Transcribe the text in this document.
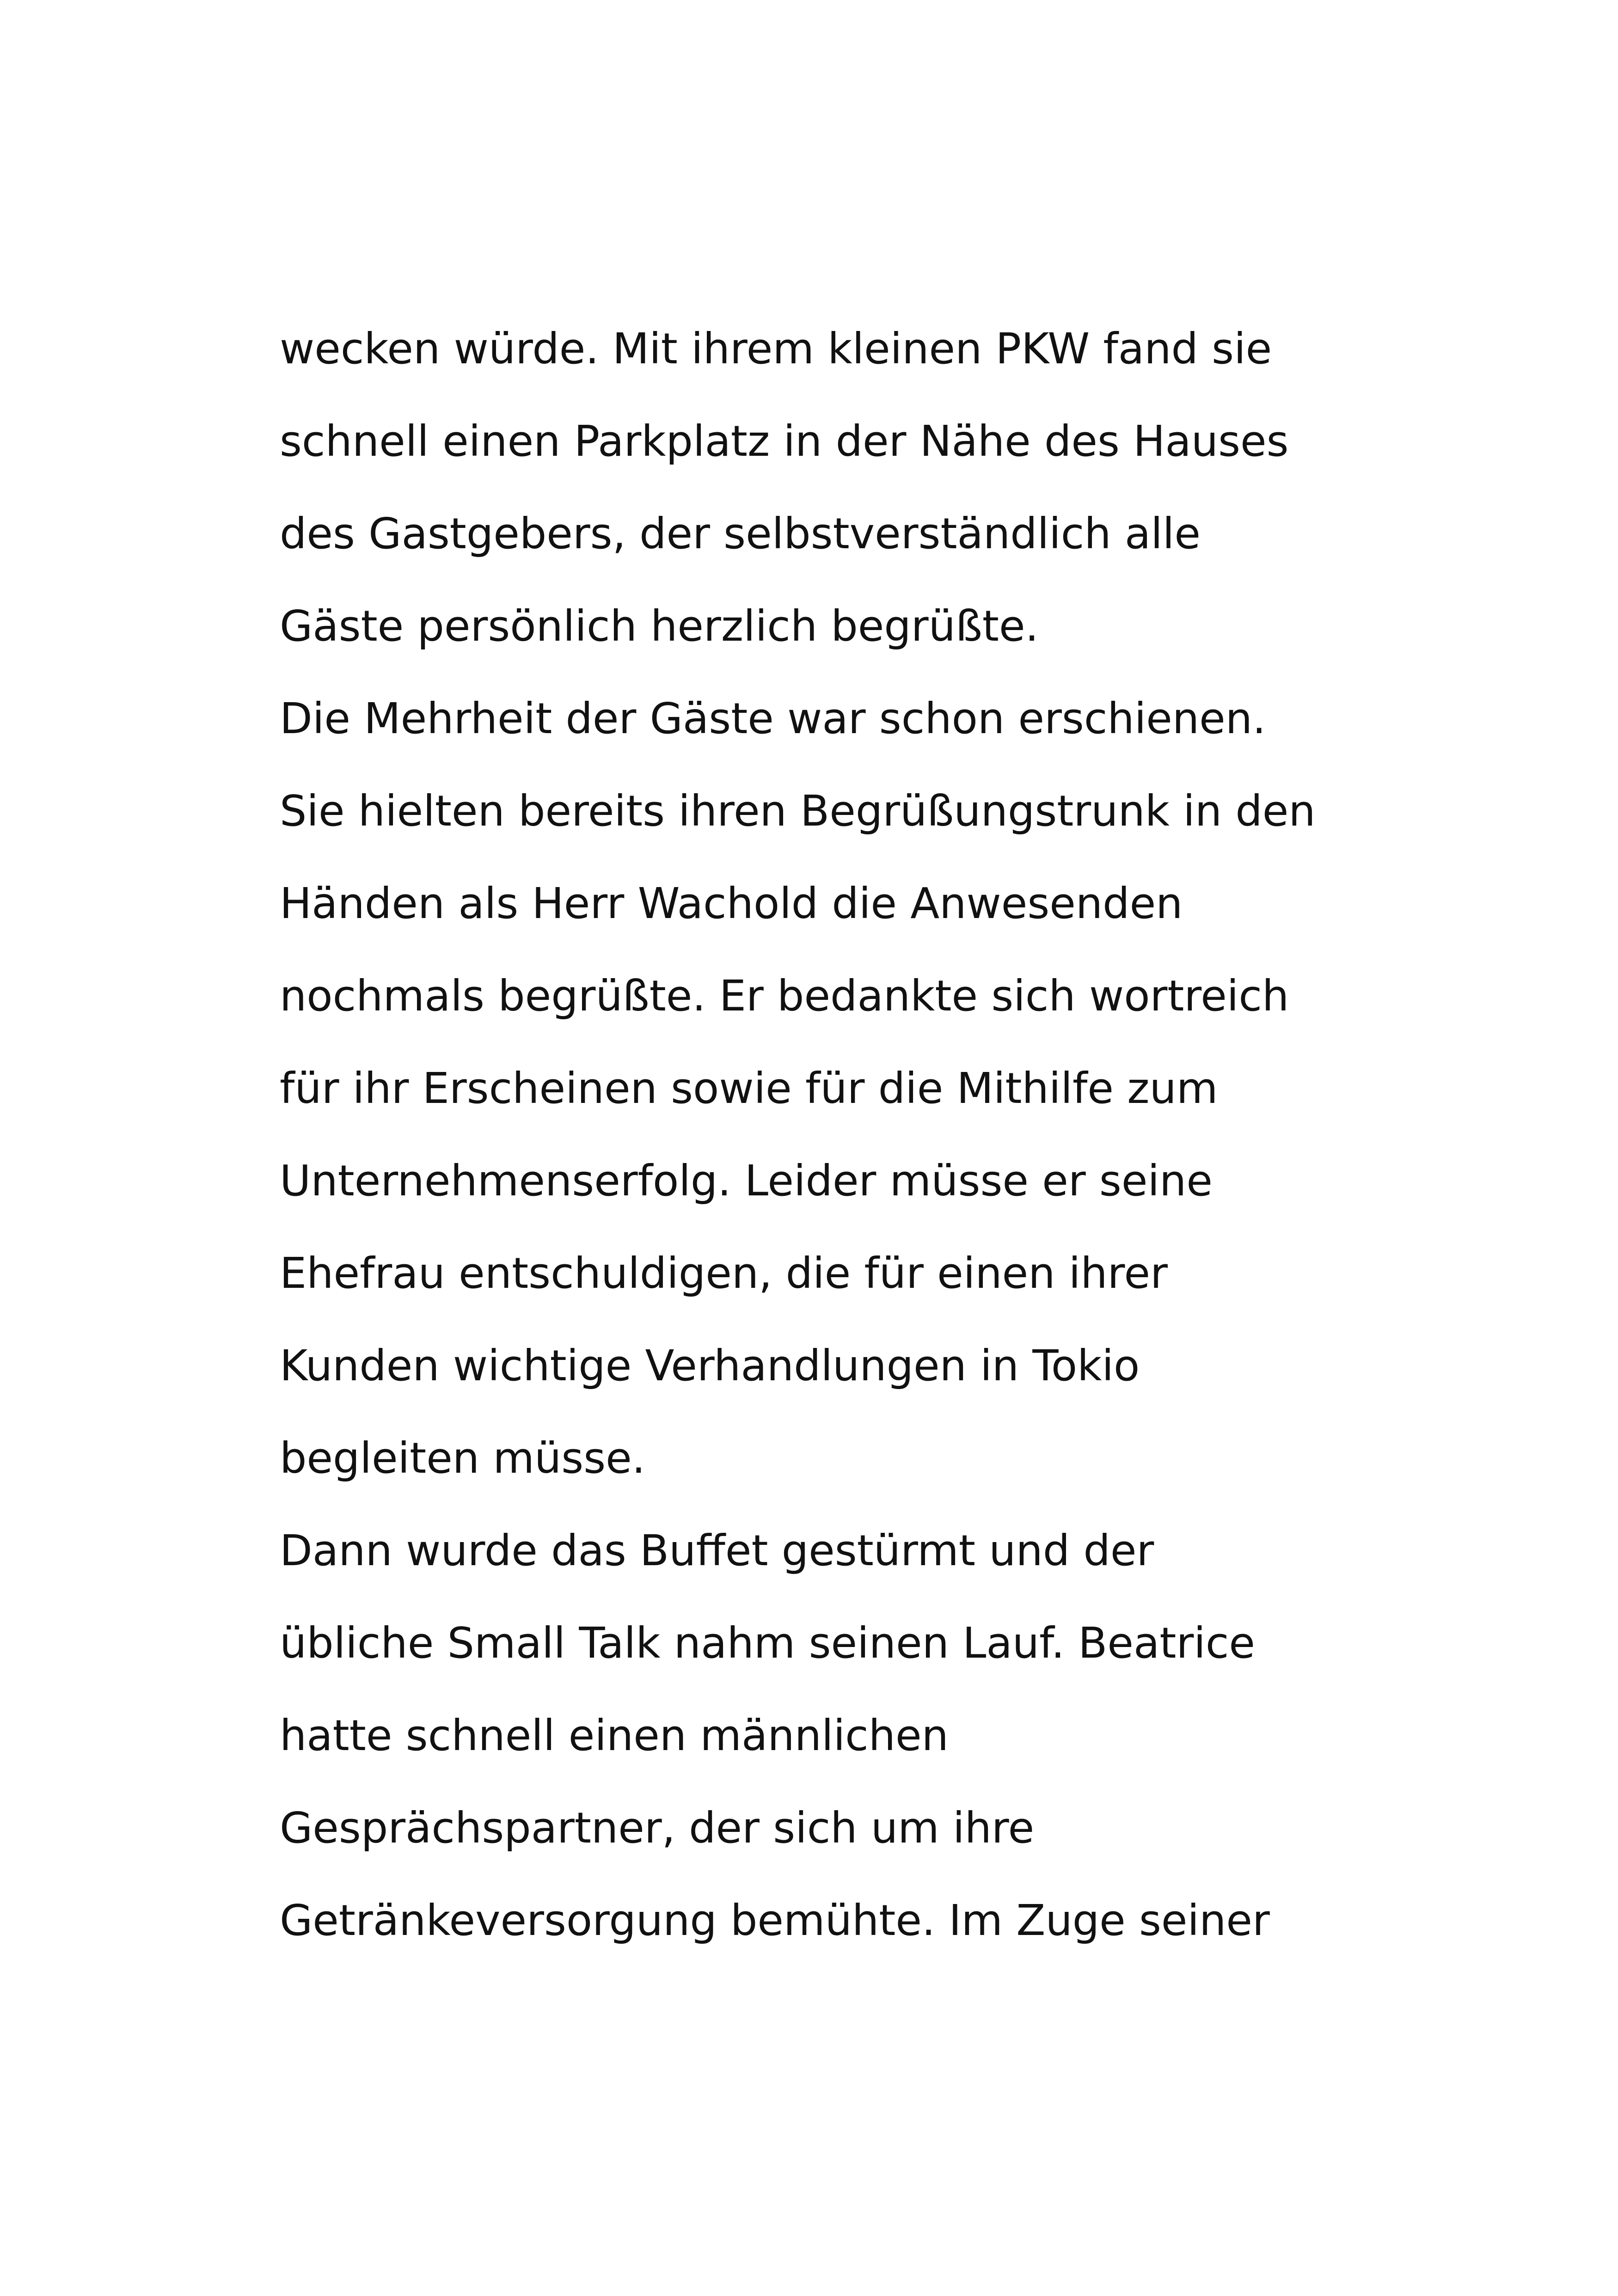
wecken würde. Mit ihrem kleinen PKW fand sie
schnell einen Parkplatz in der Nähe des Hauses
des Gastgebers, der selbstverständlich alle
Gäste persönlich herzlich begrüßte.
Die Mehrheit der Gäste war schon erschienen.
Sie hielten bereits ihren Begrüßungstrunk in den
Händen als Herr Wachold die Anwesenden
nochmals begrüßte. Er bedankte sich wortreich
für ihr Erscheinen sowie für die Mithilfe zum
Unternehmenserfolg. Leider müsse er seine
Ehefrau entschuldigen, die für einen ihrer
Kunden wichtige Verhandlungen in Tokio
begleiten müsse.
Dann wurde das Buffet gestürmt und der
übliche Small Talk nahm seinen Lauf. Beatrice
hatte schnell einen männlichen
Gesprächspartner, der sich um ihre
Getränkeversorgung bemühte. Im Zuge seiner
